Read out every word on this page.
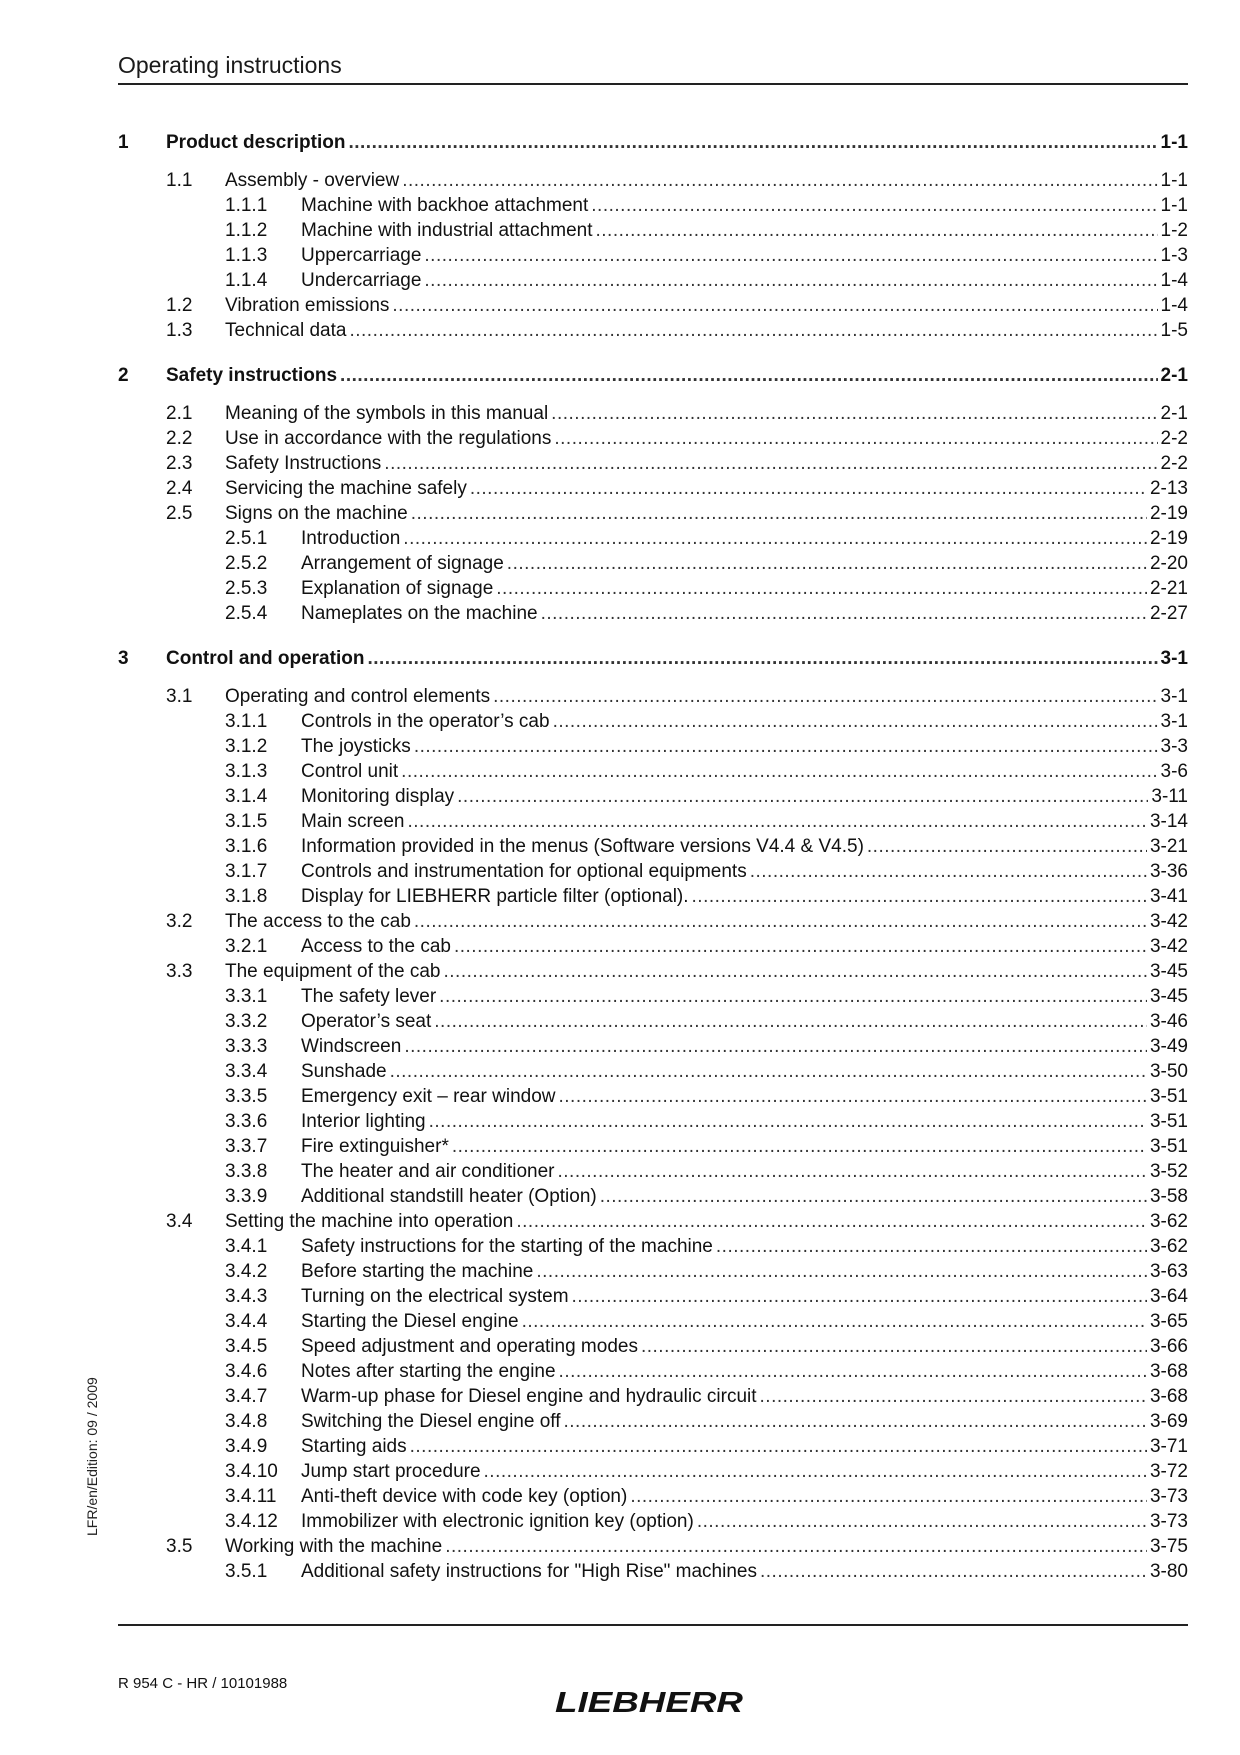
Operating instructions
1 Product description .....	1-1
1.1 Assembly - overview .....	1-1
1.1.1 Machine with backhoe attachment .....	1-1
1.1.2 Machine with industrial attachment .....	1-2
1.1.3 Uppercarriage .....	1-3
1.1.4 Undercarriage .....	1-4
1.2 Vibration emissions .....	1-4
1.3 Technical data .....	1-5
2 Safety instructions .....	2-1
2.1 Meaning of the symbols in this manual .....	2-1
2.2 Use in accordance with the regulations .....	2-2
2.3 Safety Instructions .....	2-2
2.4 Servicing the machine safely .....	2-13
2.5 Signs on the machine .....	2-19
2.5.1 Introduction .....	2-19
2.5.2 Arrangement of signage .....	2-20
2.5.3 Explanation of signage .....	2-21
2.5.4 Nameplates on the machine .....	2-27
3 Control and operation .....	3-1
3.1 Operating and control elements .....	3-1
3.1.1 Controls in the operator’s cab .....	3-1
3.1.2 The joysticks .....	3-3
3.1.3 Control unit .....	3-6
3.1.4 Monitoring display .....	3-11
3.1.5 Main screen .....	3-14
3.1.6 Information provided in the menus (Software versions V4.4 & V4.5) .....	3-21
3.1.7 Controls and instrumentation for optional equipments .....	3-36
3.1.8 Display for LIEBHERR particle filter (optional). .....	3-41
3.2 The access to the cab .....	3-42
3.2.1 Access to the cab .....	3-42
3.3 The equipment of the cab .....	3-45
3.3.1 The safety lever .....	3-45
3.3.2 Operator’s seat .....	3-46
3.3.3 Windscreen .....	3-49
3.3.4 Sunshade .....	3-50
3.3.5 Emergency exit – rear window .....	3-51
3.3.6 Interior lighting .....	3-51
3.3.7 Fire extinguisher* .....	3-51
3.3.8 The heater and air conditioner .....	3-52
3.3.9 Additional standstill heater (Option) .....	3-58
3.4 Setting the machine into operation .....	3-62
3.4.1 Safety instructions for the starting of the machine .....	3-62
3.4.2 Before starting the machine .....	3-63
3.4.3 Turning on the electrical system .....	3-64
3.4.4 Starting the Diesel engine .....	3-65
3.4.5 Speed adjustment and operating modes .....	3-66
3.4.6 Notes after starting the engine .....	3-68
3.4.7 Warm-up phase for Diesel engine and hydraulic circuit .....	3-68
3.4.8 Switching the Diesel engine off .....	3-69
3.4.9 Starting aids .....	3-71
3.4.10 Jump start procedure .....	3-72
3.4.11 Anti-theft device with code key (option) .....	3-73
3.4.12 Immobilizer with electronic ignition key (option) .....	3-73
3.5 Working with the machine .....	3-75
3.5.1 Additional safety instructions for "High Rise" machines .....	3-80
LFR/en/Edition: 09 / 2009
R 954 C - HR / 10101988
LIEBHERR
